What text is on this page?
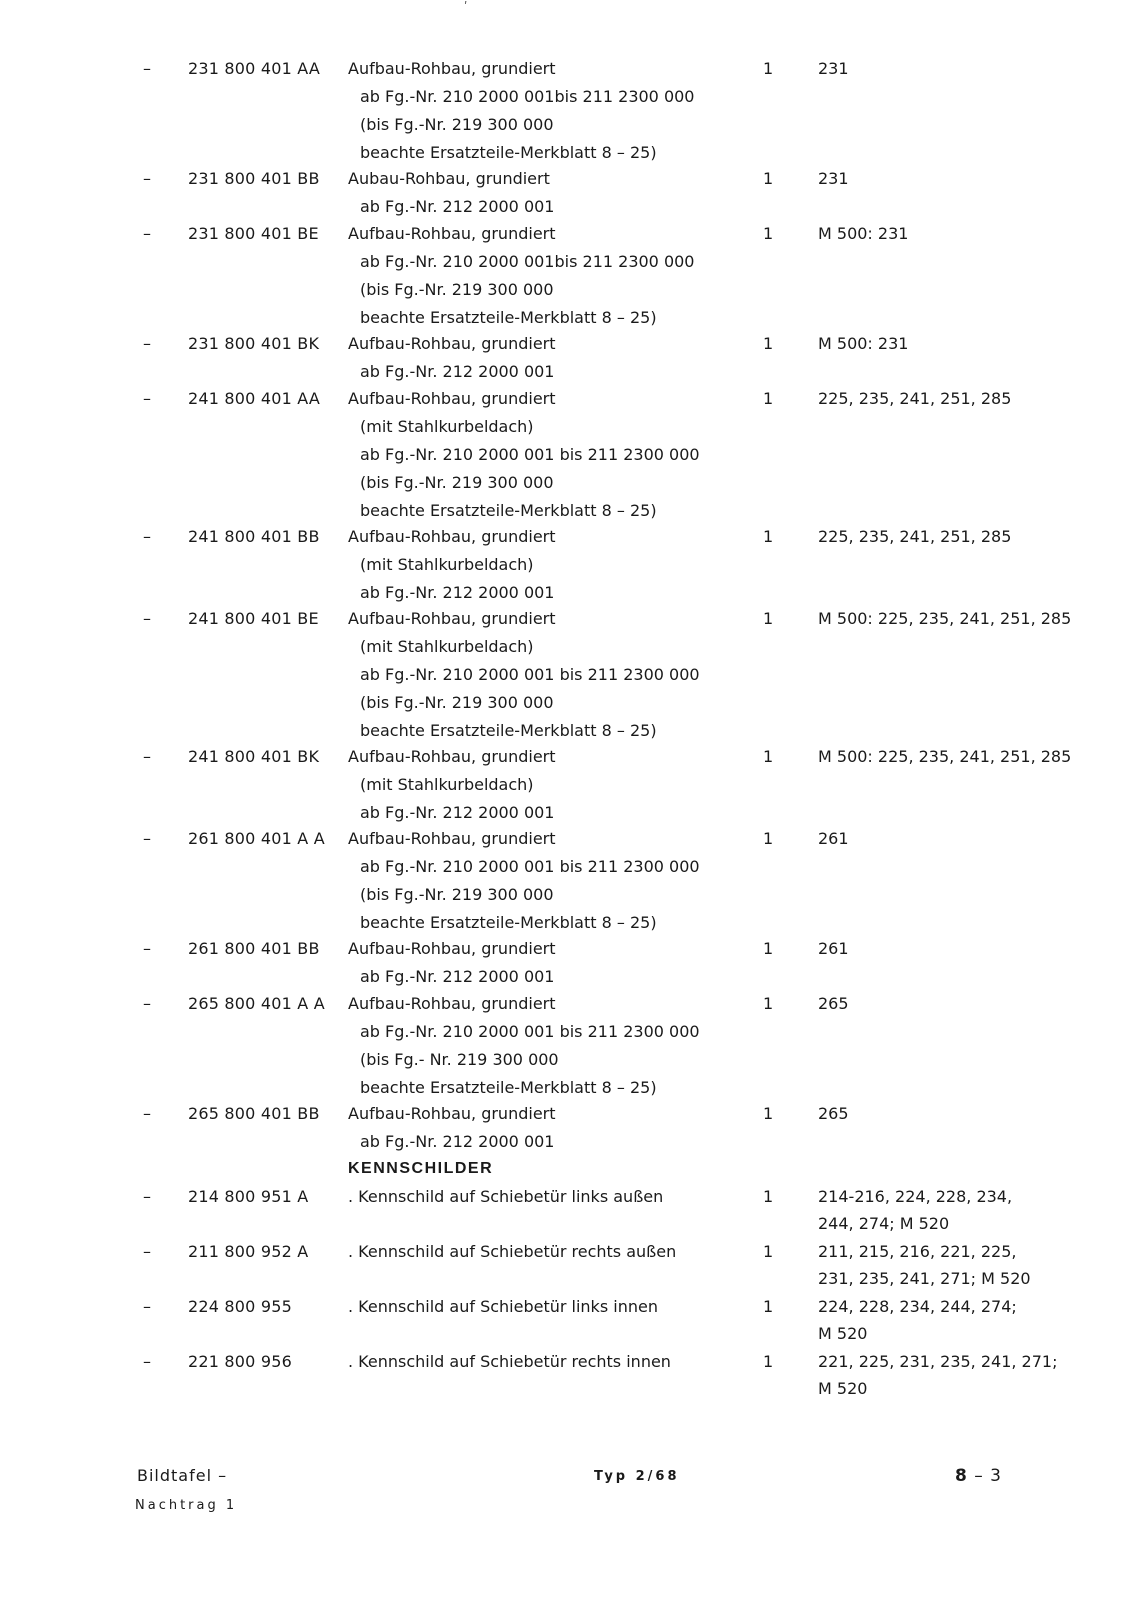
ʹ
–	231 800 401 AA Aufbau-Rohbau, grundiert
ab Fg.-Nr. 210 2000 001bis 211 2300 000
(bis Fg.-Nr. 219 300 000
beachte Ersatzteile-Merkblatt 8 – 25)
1	231
–	231 800 401 BB Aubau-Rohbau, grundiert
ab Fg.-Nr. 212 2000 001
1	231
–	231 800 401 BE Aufbau-Rohbau, grundiert
ab Fg.-Nr. 210 2000 001bis 211 2300 000
(bis Fg.-Nr. 219 300 000
beachte Ersatzteile-Merkblatt 8 – 25)
1	M 500: 231
–	231 800 401 BK Aufbau-Rohbau, grundiert
ab Fg.-Nr. 212 2000 001
1	M 500: 231
–	241 800 401 AA Aufbau-Rohbau, grundiert
(mit Stahlkurbeldach)
ab Fg.-Nr. 210 2000 001 bis 211 2300 000
(bis Fg.-Nr. 219 300 000
beachte Ersatzteile-Merkblatt 8 – 25)
1	225, 235, 241, 251, 285
–	241 800 401 BB Aufbau-Rohbau, grundiert
(mit Stahlkurbeldach)
ab Fg.-Nr. 212 2000 001
1	225, 235, 241, 251, 285
–	241 800 401 BE Aufbau-Rohbau, grundiert
(mit Stahlkurbeldach)
ab Fg.-Nr. 210 2000 001 bis 211 2300 000
(bis Fg.-Nr. 219 300 000
beachte Ersatzteile-Merkblatt 8 – 25)
1	M 500: 225, 235, 241, 251, 285
–	241 800 401 BK Aufbau-Rohbau, grundiert
(mit Stahlkurbeldach)
ab Fg.-Nr. 212 2000 001
1	M 500: 225, 235, 241, 251, 285
–	261 800 401 A A Aufbau-Rohbau, grundiert
ab Fg.-Nr. 210 2000 001 bis 211 2300 000
(bis Fg.-Nr. 219 300 000
beachte Ersatzteile-Merkblatt 8 – 25)
1	261
–	261 800 401 BB Aufbau-Rohbau, grundiert
ab Fg.-Nr. 212 2000 001
1	261
–	265 800 401 A A Aufbau-Rohbau, grundiert
ab Fg.-Nr. 210 2000 001 bis 211 2300 000
(bis Fg.- Nr. 219 300 000
beachte Ersatzteile-Merkblatt 8 – 25)
1	265
–	265 800 401 BB Aufbau-Rohbau, grundiert
ab Fg.-Nr. 212 2000 001
1	265
KENNSCHILDER
–	214 800 951 A . Kennschild auf Schiebetür links außen	1	214-216, 224, 228, 234,
244, 274; M 520
–	211 800 952 A . Kennschild auf Schiebetür rechts außen	1	211, 215, 216, 221, 225,
231, 235, 241, 271; M 520
–	224 800 955	. Kennschild auf Schiebetür links innen	1	224, 228, 234, 244, 274;
M 520
–	221 800 956	. Kennschild auf Schiebetür rechts innen	1	221, 225, 231, 235, 241, 271;
M 520
Bildtafel –
Nachtrag 1
Typ 2/68	8 – 3
